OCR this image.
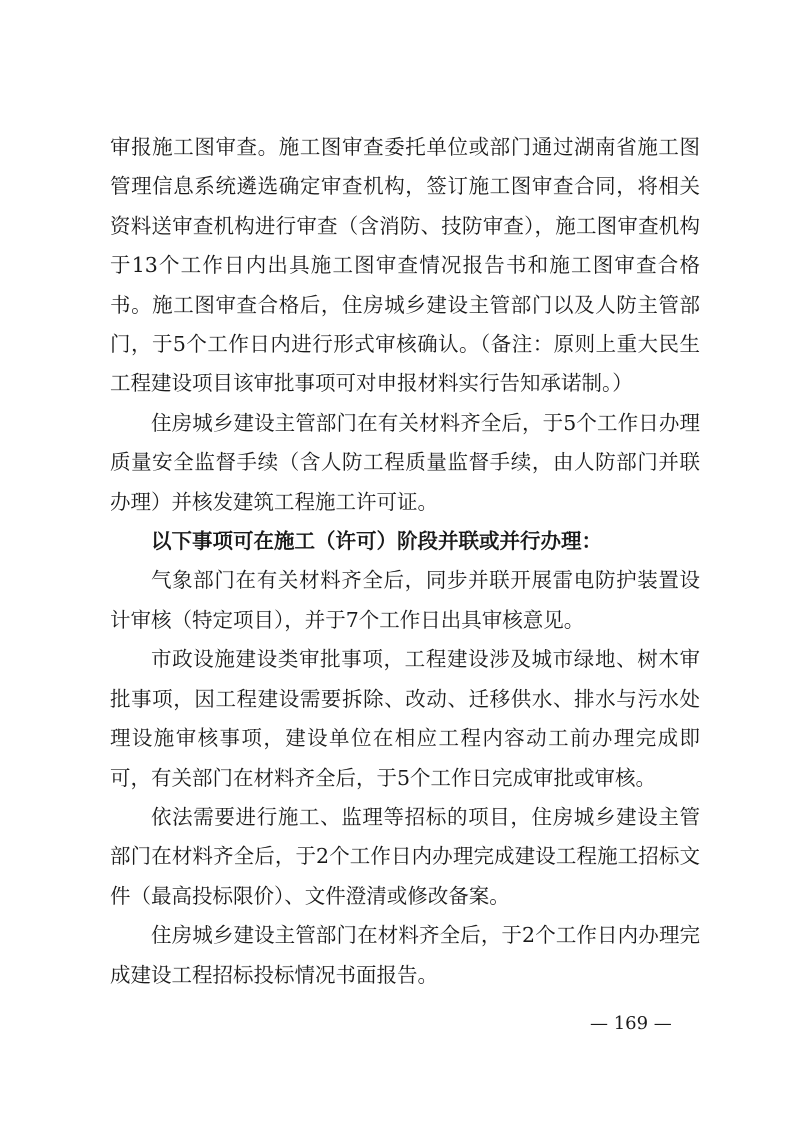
审报施工图审查。施工图审查委托单位或部门通过湖南省施工图管理信息系统遴选确定审查机构，签订施工图审查合同，将相关资料送审查机构进行审查（含消防、技防审查），施工图审查机构于13个工作日内出具施工图审查情况报告书和施工图审查合格书。施工图审查合格后，住房城乡建设主管部门以及人防主管部门，于5个工作日内进行形式审核确认。（备注：原则上重大民生工程建设项目该审批事项可对申报材料实行告知承诺制。）

住房城乡建设主管部门在有关材料齐全后，于5个工作日办理质量安全监督手续（含人防工程质量监督手续，由人防部门并联办理）并核发建筑工程施工许可证。

以下事项可在施工（许可）阶段并联或并行办理：

气象部门在有关材料齐全后，同步并联开展雷电防护装置设计审核（特定项目），并于7个工作日出具审核意见。

市政设施建设类审批事项，工程建设涉及城市绿地、树木审批事项，因工程建设需要拆除、改动、迁移供水、排水与污水处理设施审核事项，建设单位在相应工程内容动工前办理完成即可，有关部门在材料齐全后，于5个工作日完成审批或审核。

依法需要进行施工、监理等招标的项目，住房城乡建设主管部门在材料齐全后，于2个工作日内办理完成建设工程施工招标文件（最高投标限价）、文件澄清或修改备案。

住房城乡建设主管部门在材料齐全后，于2个工作日内办理完成建设工程招标投标情况书面报告。

— 169 —
